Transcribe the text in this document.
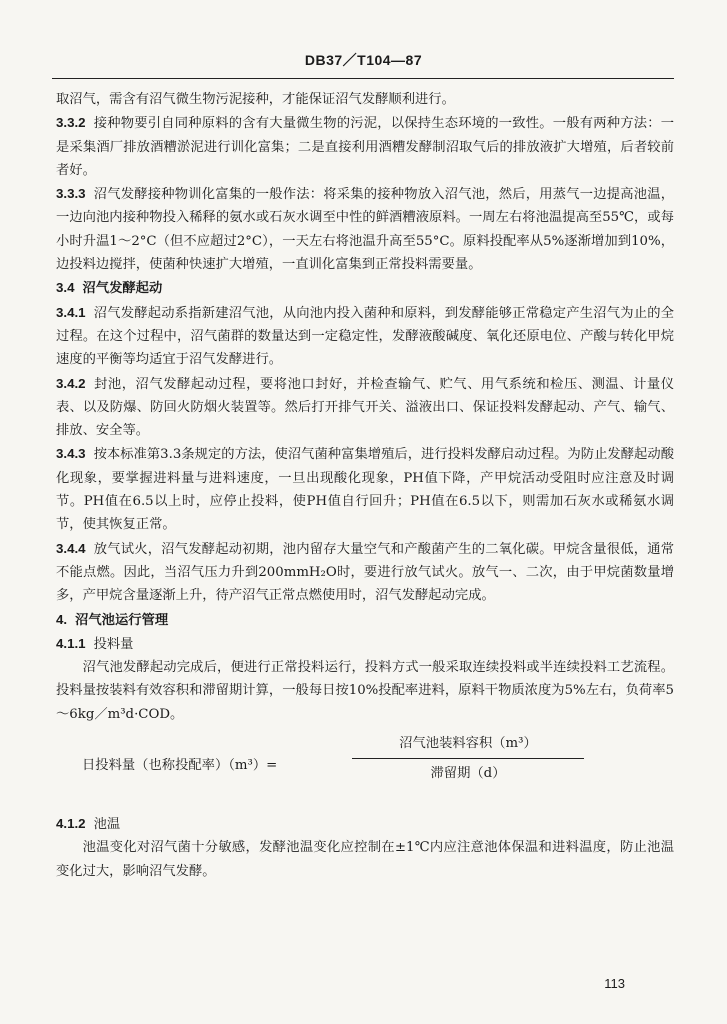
DB37／T104—87

取沼气，需含有沼气微生物污泥接种，才能保证沼气发酵顺利进行。

3.3.2 接种物要引自同种原料的含有大量微生物的污泥，以保持生态环境的一致性。一般有两种方法：一是采集酒厂排放酒糟淤泥进行训化富集；二是直接利用酒糟发酵制沼取气后的排放液扩大增殖，后者较前者好。

3.3.3 沼气发酵接种物训化富集的一般作法：将采集的接种物放入沼气池，然后，用蒸气一边提高池温，一边向池内接种物投入稀释的氨水或石灰水调至中性的鲜酒糟液原料。一周左右将池温提高至55℃，或每小时升温1～2°C（但不应超过2°C），一天左右将池温升高至55°C。原料投配率从5%逐渐增加到10%，边投料边搅拌，使菌种快速扩大增殖，一直训化富集到正常投料需要量。

3.4 沼气发酵起动

3.4.1 沼气发酵起动系指新建沼气池，从向池内投入菌种和原料，到发酵能够正常稳定产生沼气为止的全过程。在这个过程中，沼气菌群的数量达到一定稳定性，发酵液酸碱度、氧化还原电位、产酸与转化甲烷速度的平衡等均适宜于沼气发酵进行。

3.4.2 封池，沼气发酵起动过程，要将池口封好，并检查输气、贮气、用气系统和检压、测温、计量仪表、以及防爆、防回火防烟火装置等。然后打开排气开关、溢液出口、保证投料发酵起动、产气、输气、排放、安全等。

3.4.3 按本标准第3.3条规定的方法，使沼气菌种富集增殖后，进行投料发酵启动过程。为防止发酵起动酸化现象，要掌握进料量与进料速度，一旦出现酸化现象，PH值下降，产甲烷活动受阻时应注意及时调节。PH值在6.5以上时，应停止投料，使PH值自行回升；PH值在6.5以下，则需加石灰水或稀氨水调节，使其恢复正常。

3.4.4 放气试火，沼气发酵起动初期，池内留存大量空气和产酸菌产生的二氧化碳。甲烷含量很低，通常不能点燃。因此，当沼气压力升到200mmH₂O时，要进行放气试火。放气一、二次，由于甲烷菌数量增多，产甲烷含量逐渐上升，待产沼气正常点燃使用时，沼气发酵起动完成。

4. 沼气池运行管理

4.1.1 投料量

沼气池发酵起动完成后，便进行正常投料运行，投料方式一般采取连续投料或半连续投料工艺流程。投料量按装料有效容积和滞留期计算，一般每日按10%投配率进料，原料干物质浓度为5%左右，负荷率5～6kg／m³d·COD。

日投料量（也称投配率）（m³）=
沼气池装料容积（m³）
滞留期（d）

4.1.2 池温

池温变化对沼气菌十分敏感，发酵池温变化应控制在±1℃内应注意池体保温和进料温度，防止池温变化过大，影响沼气发酵。

113
